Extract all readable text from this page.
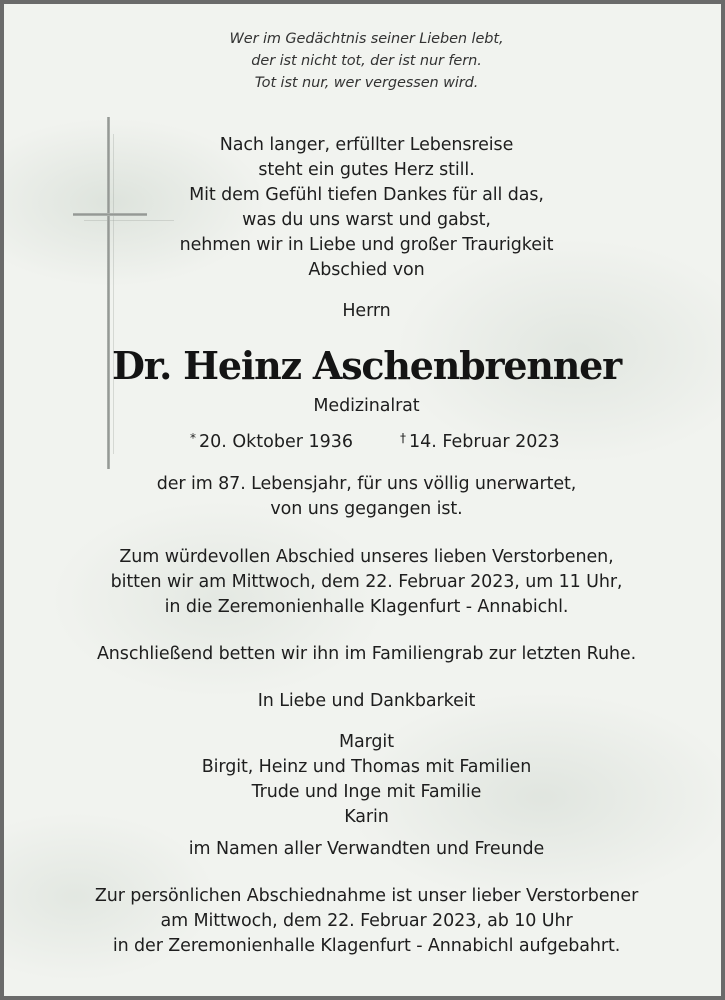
Wer im Gedächtnis seiner Lieben lebt,
der ist nicht tot, der ist nur fern.
Tot ist nur, wer vergessen wird.
Nach langer, erfüllter Lebensreise
steht ein gutes Herz still.
Mit dem Gefühl tiefen Dankes für all das,
was du uns warst und gabst,
nehmen wir in Liebe und großer Traurigkeit
Abschied von
Herrn
Dr. Heinz Aschenbrenner
Medizinalrat
* 20. Oktober 1936	† 14. Februar 2023
der im 87. Lebensjahr, für uns völlig unerwartet,
von uns gegangen ist.
Zum würdevollen Abschied unseres lieben Verstorbenen,
bitten wir am Mittwoch, dem 22. Februar 2023, um 11 Uhr,
in die Zeremonienhalle Klagenfurt - Annabichl.
Anschließend betten wir ihn im Familiengrab zur letzten Ruhe.
In Liebe und Dankbarkeit
Margit
Birgit, Heinz und Thomas mit Familien
Trude und Inge mit Familie
Karin
im Namen aller Verwandten und Freunde
Zur persönlichen Abschiednahme ist unser lieber Verstorbener
am Mittwoch, dem 22. Februar 2023, ab 10 Uhr
in der Zeremonienhalle Klagenfurt - Annabichl aufgebahrt.
